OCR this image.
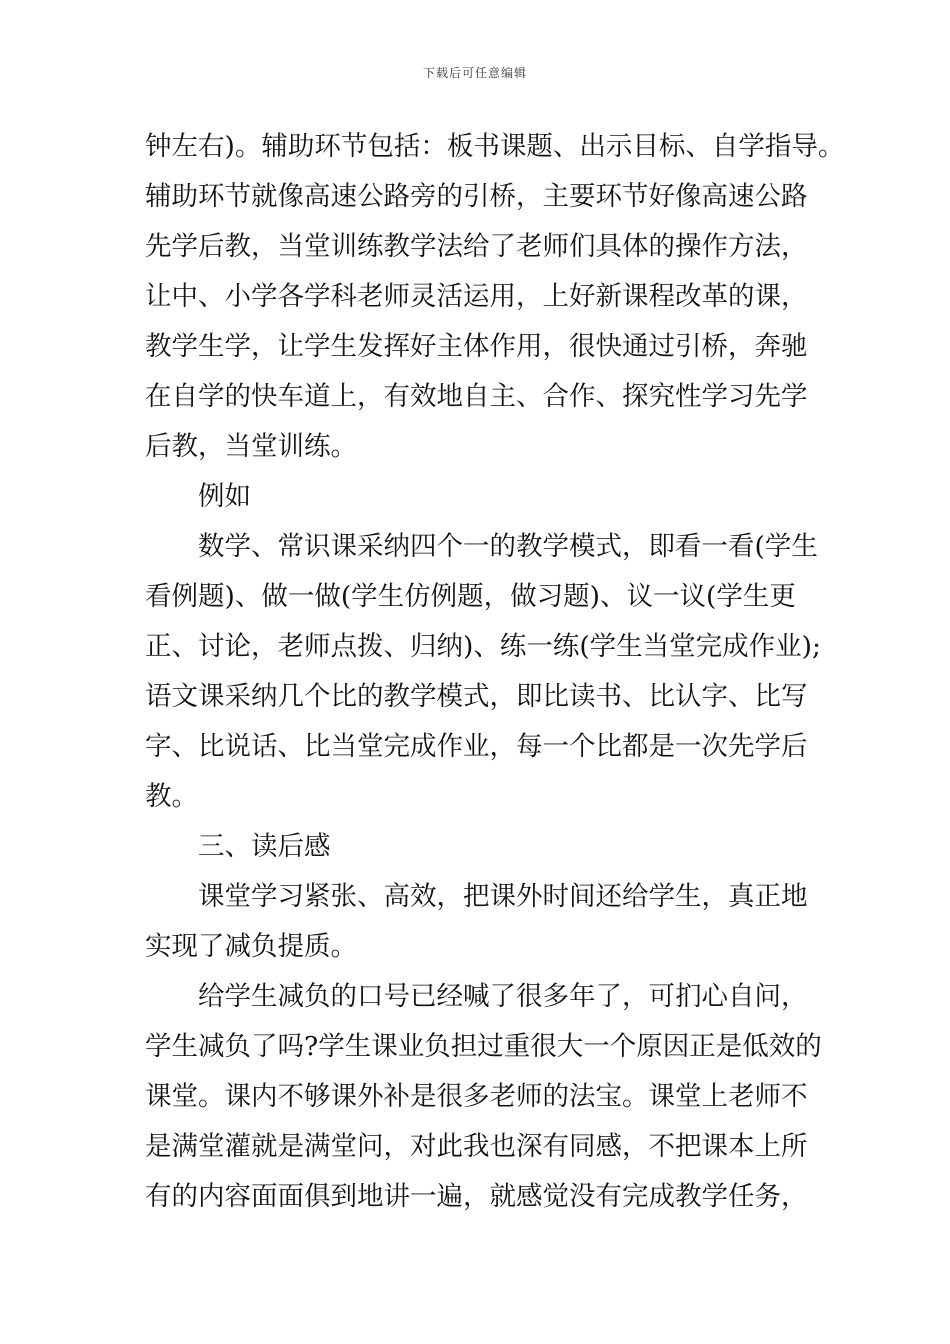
下载后可任意编辑
钟左右)。辅助环节包括：板书课题、出示目标、自学指导。
辅助环节就像高速公路旁的引桥，主要环节好像高速公路
先学后教，当堂训练教学法给了老师们具体的操作方法，
让中、小学各学科老师灵活运用，上好新课程改革的课，
教学生学，让学生发挥好主体作用，很快通过引桥，奔驰
在自学的快车道上，有效地自主、合作、探究性学习先学
后教，当堂训练。
例如
数学、常识课采纳四个一的教学模式，即看一看(学生
看例题)、做一做(学生仿例题，做习题)、议一议(学生更
正、讨论，老师点拨、归纳)、练一练(学生当堂完成作业);
语文课采纳几个比的教学模式，即比读书、比认字、比写
字、比说话、比当堂完成作业，每一个比都是一次先学后
教。
三、读后感
课堂学习紧张、高效，把课外时间还给学生，真正地
实现了减负提质。
给学生减负的口号已经喊了很多年了，可扪心自问，
学生减负了吗?学生课业负担过重很大一个原因正是低效的
课堂。课内不够课外补是很多老师的法宝。课堂上老师不
是满堂灌就是满堂问，对此我也深有同感，不把课本上所
有的内容面面俱到地讲一遍，就感觉没有完成教学任务，
